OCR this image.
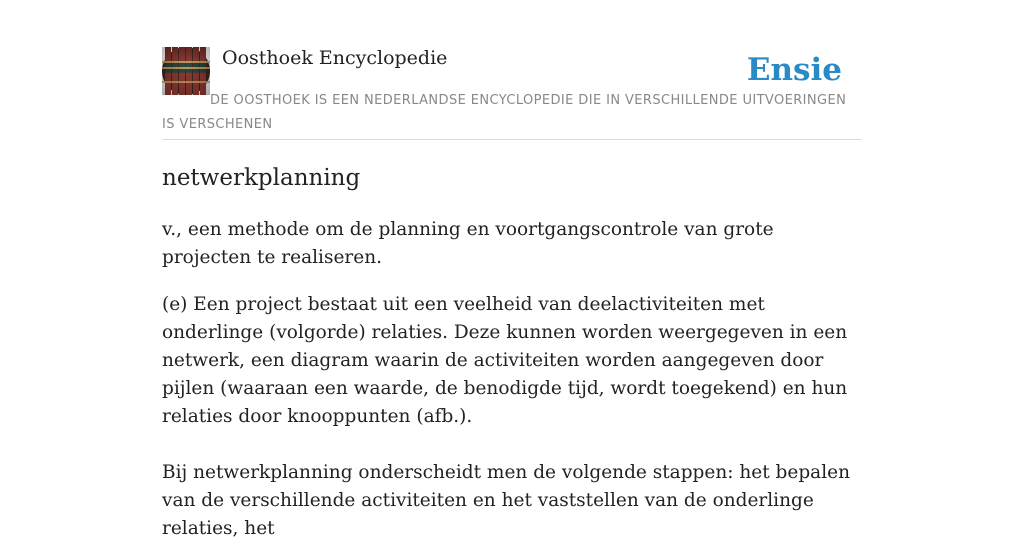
Oosthoek Encyclopedie	Ensie
DE OOSTHOEK IS EEN NEDERLANDSE ENCYCLOPEDIE DIE IN VERSCHILLENDE UITVOERINGEN IS VERSCHENEN
netwerkplanning

v., een methode om de planning en voortgangscontrole van grote projecten te realiseren.

(e) Een project bestaat uit een veelheid van deelactiviteiten met onderlinge (volgorde) relaties. Deze kunnen worden weergegeven in een netwerk, een diagram waarin de activiteiten worden aangegeven door pijlen (waaraan een waarde, de benodigde tijd, wordt toegekend) en hun relaties door knooppunten (afb.).

Bij netwerkplanning onderscheidt men de volgende stappen: het bepalen van de verschillende activiteiten en het vaststellen van de onderlinge relaties, het
